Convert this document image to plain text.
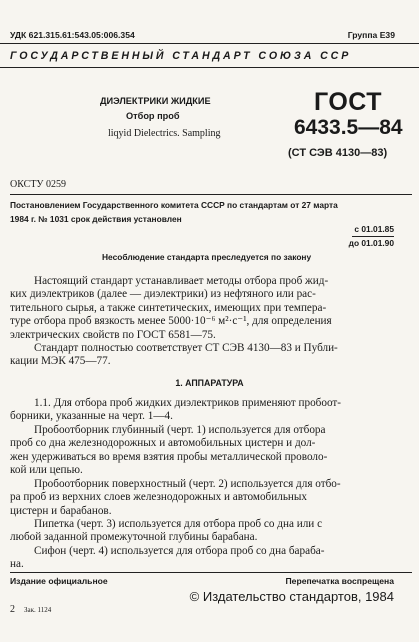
УДК 621.315.61:543.05:006.354	Группа Е39
ГОСУДАРСТВЕННЫЙ СТАНДАРТ СОЮЗА ССР
ДИЭЛЕКТРИКИ ЖИДКИЕ
Отбор проб
liqyid Dielectrics. Sampling
ГОСТ
6433.5—84
(СТ СЭВ 4130—83)
ОКСТУ 0259
Постановлением Государственного комитета СССР по стандартам от 27 марта
1984 г. № 1031 срок действия установлен
с 01.01.85
до 01.01.90
Несоблюдение стандарта преследуется по закону
Настоящий стандарт устанавливает методы отбора проб жид-
ких диэлектриков (далее — диэлектрики) из нефтяного или рас-
тительного сырья, а также синтетических, имеющих при темпера-
туре отбора проб вязкость менее 5000·10⁻⁶ м²·с⁻¹, для определения
электрических свойств по ГОСТ 6581—75.
Стандарт полностью соответствует СТ СЭВ 4130—83 и Публи-
кации МЭК 475—77.
1. АППАРАТУРА
1.1. Для отбора проб жидких диэлектриков применяют пробоот-
борники, указанные на черт. 1—4.
Пробоотборник глубинный (черт. 1) используется для отбора
проб со дна железнодорожных и автомобильных цистерн и дол-
жен удерживаться во время взятия пробы металлической проволо-
кой или цепью.
Пробоотборник поверхностный (черт. 2) используется для отбо-
ра проб из верхних слоев железнодорожных и автомобильных
цистерн и барабанов.
Пипетка (черт. 3) используется для отбора проб со дна или с
любой заданной промежуточной глубины барабана.
Сифон (черт. 4) используется для отбора проб со дна бараба-
на.
Издание официальное	Перепечатка воспрещена
© Издательство стандартов, 1984
2 Зак. 1124
